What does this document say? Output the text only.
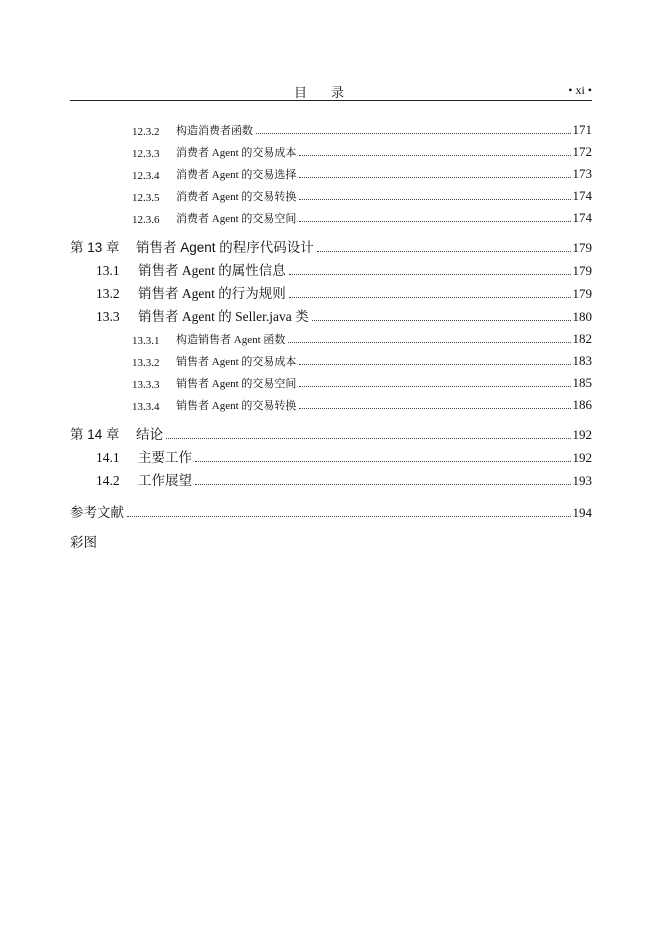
目录	• xi •
12.3.2	构造消费者函数	171
12.3.3	消费者 Agent 的交易成本	172
12.3.4	消费者 Agent 的交易选择	173
12.3.5	消费者 Agent 的交易转换	174
12.3.6	消费者 Agent 的交易空间	174
第 13 章	销售者 Agent 的程序代码设计	179
13.1	销售者 Agent 的属性信息	179
13.2	销售者 Agent 的行为规则	179
13.3	销售者 Agent 的 Seller.java 类	180
13.3.1	构造销售者 Agent 函数	182
13.3.2	销售者 Agent 的交易成本	183
13.3.3	销售者 Agent 的交易空间	185
13.3.4	销售者 Agent 的交易转换	186
第 14 章	结论	192
14.1	主要工作	192
14.2	工作展望	193
参考文献	194
彩图
